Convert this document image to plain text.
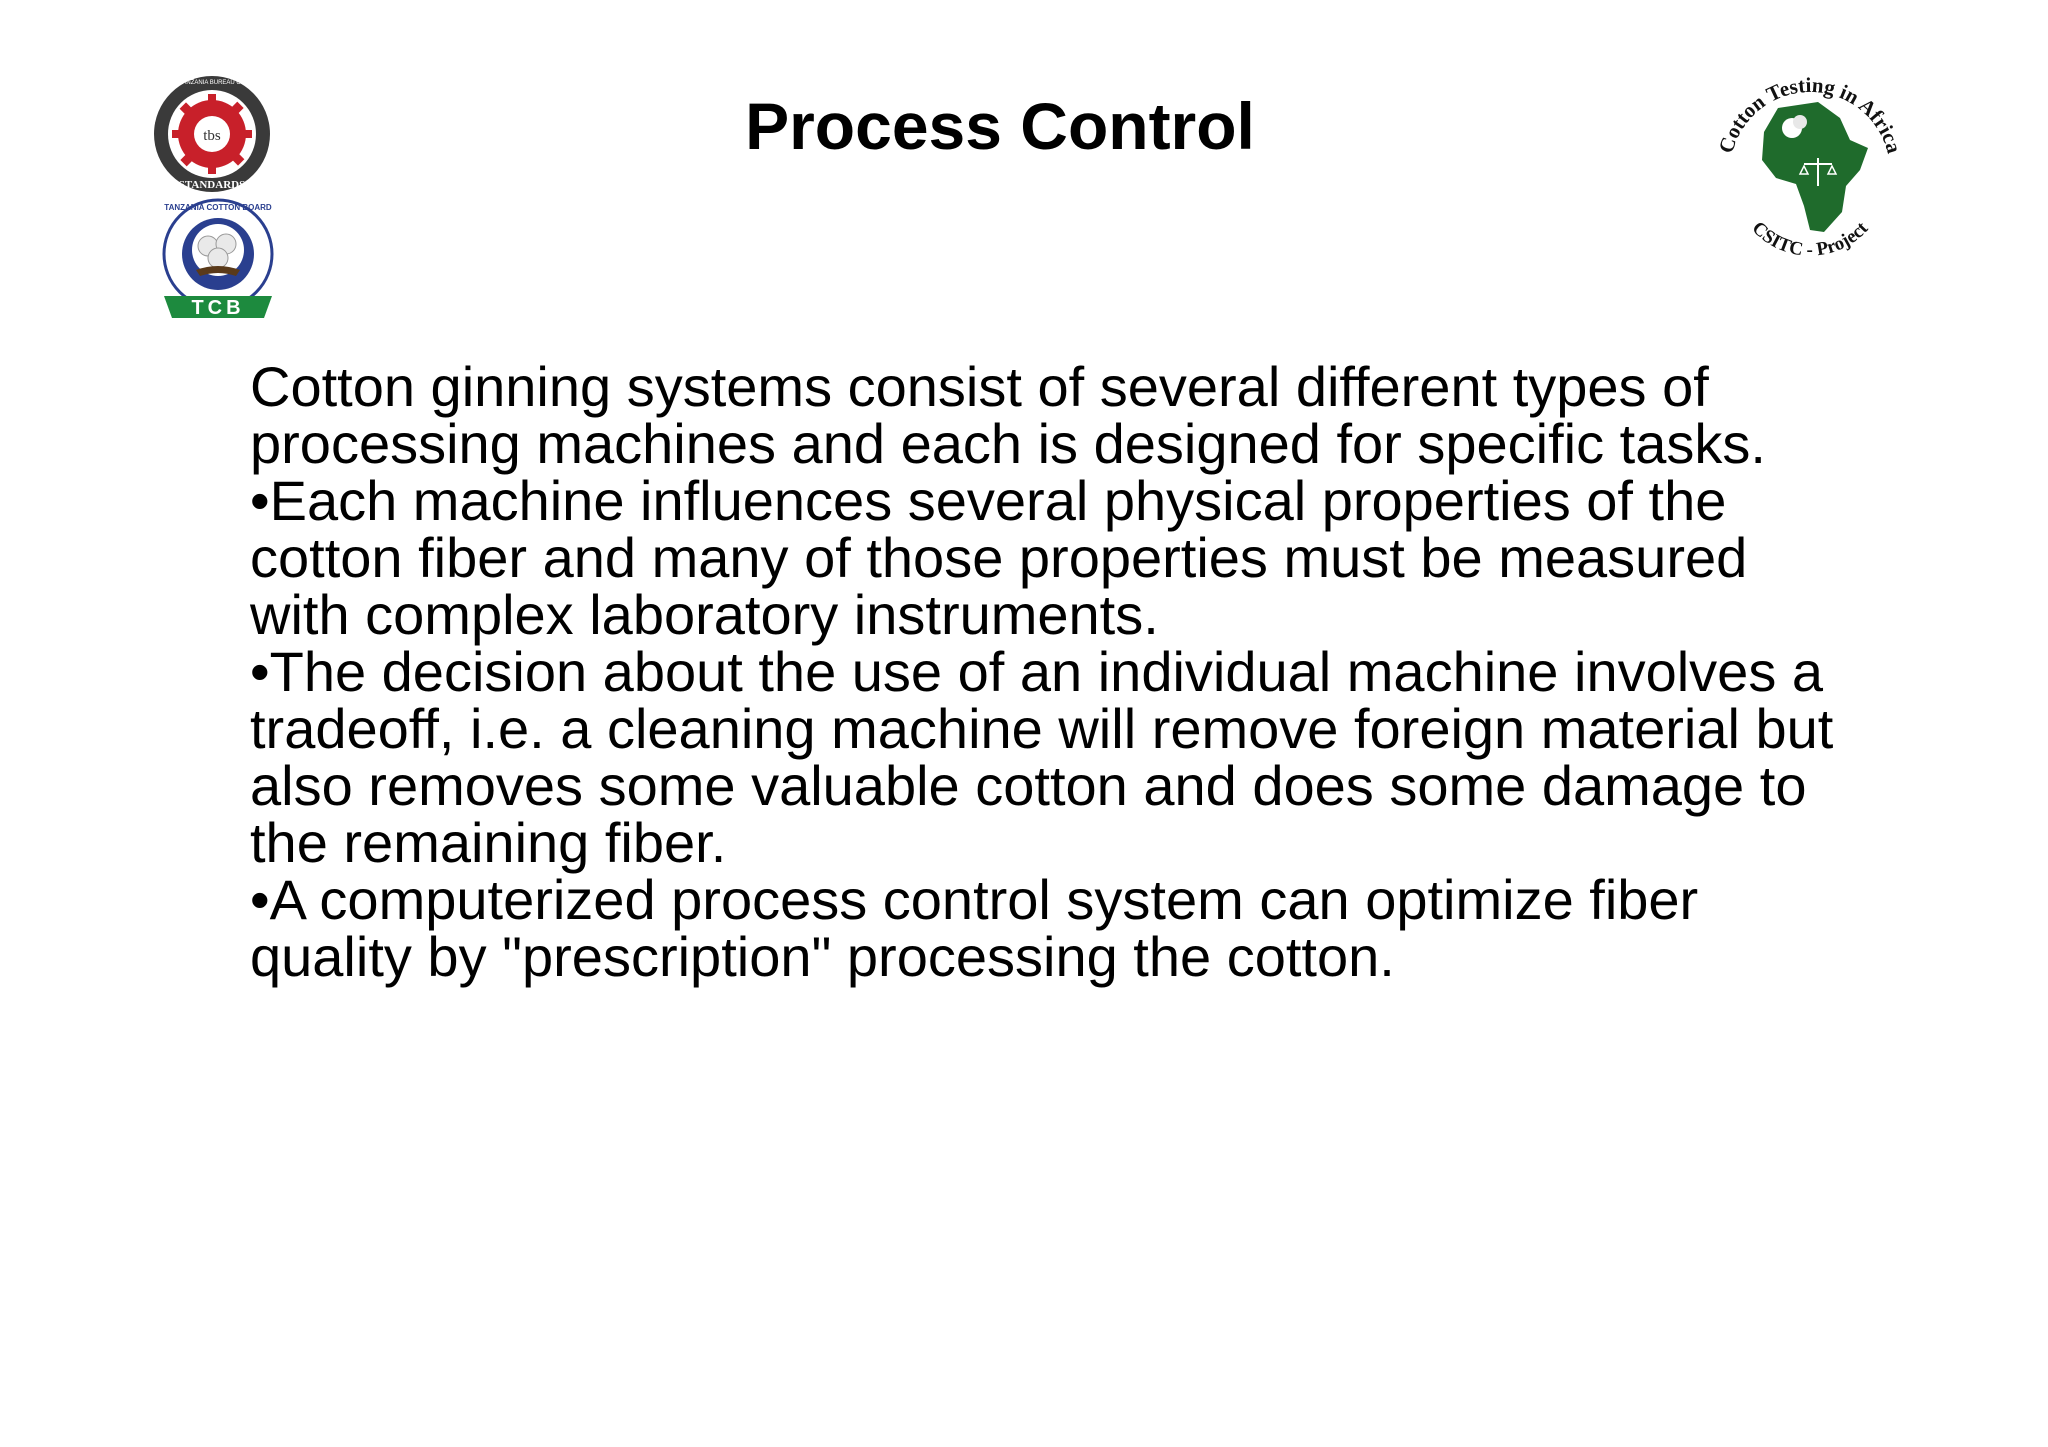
tbs
TANZANIA BUREAU OF
STANDARDS
TANZANIA COTTON BOARD
TCB
Process Control	Cotton Testing in Africa
CSITC - Project

Cotton ginning systems consist of several different types of processing machines and each is designed for specific tasks.

•Each machine influences several physical properties of the cotton fiber and many of those properties must be measured with complex laboratory instruments.

•The decision about the use of an individual machine involves a tradeoff, i.e. a cleaning machine will remove foreign material but also removes some valuable cotton and does some damage to the remaining fiber.

•A computerized process control system can optimize fiber quality by "prescription" processing the cotton.
